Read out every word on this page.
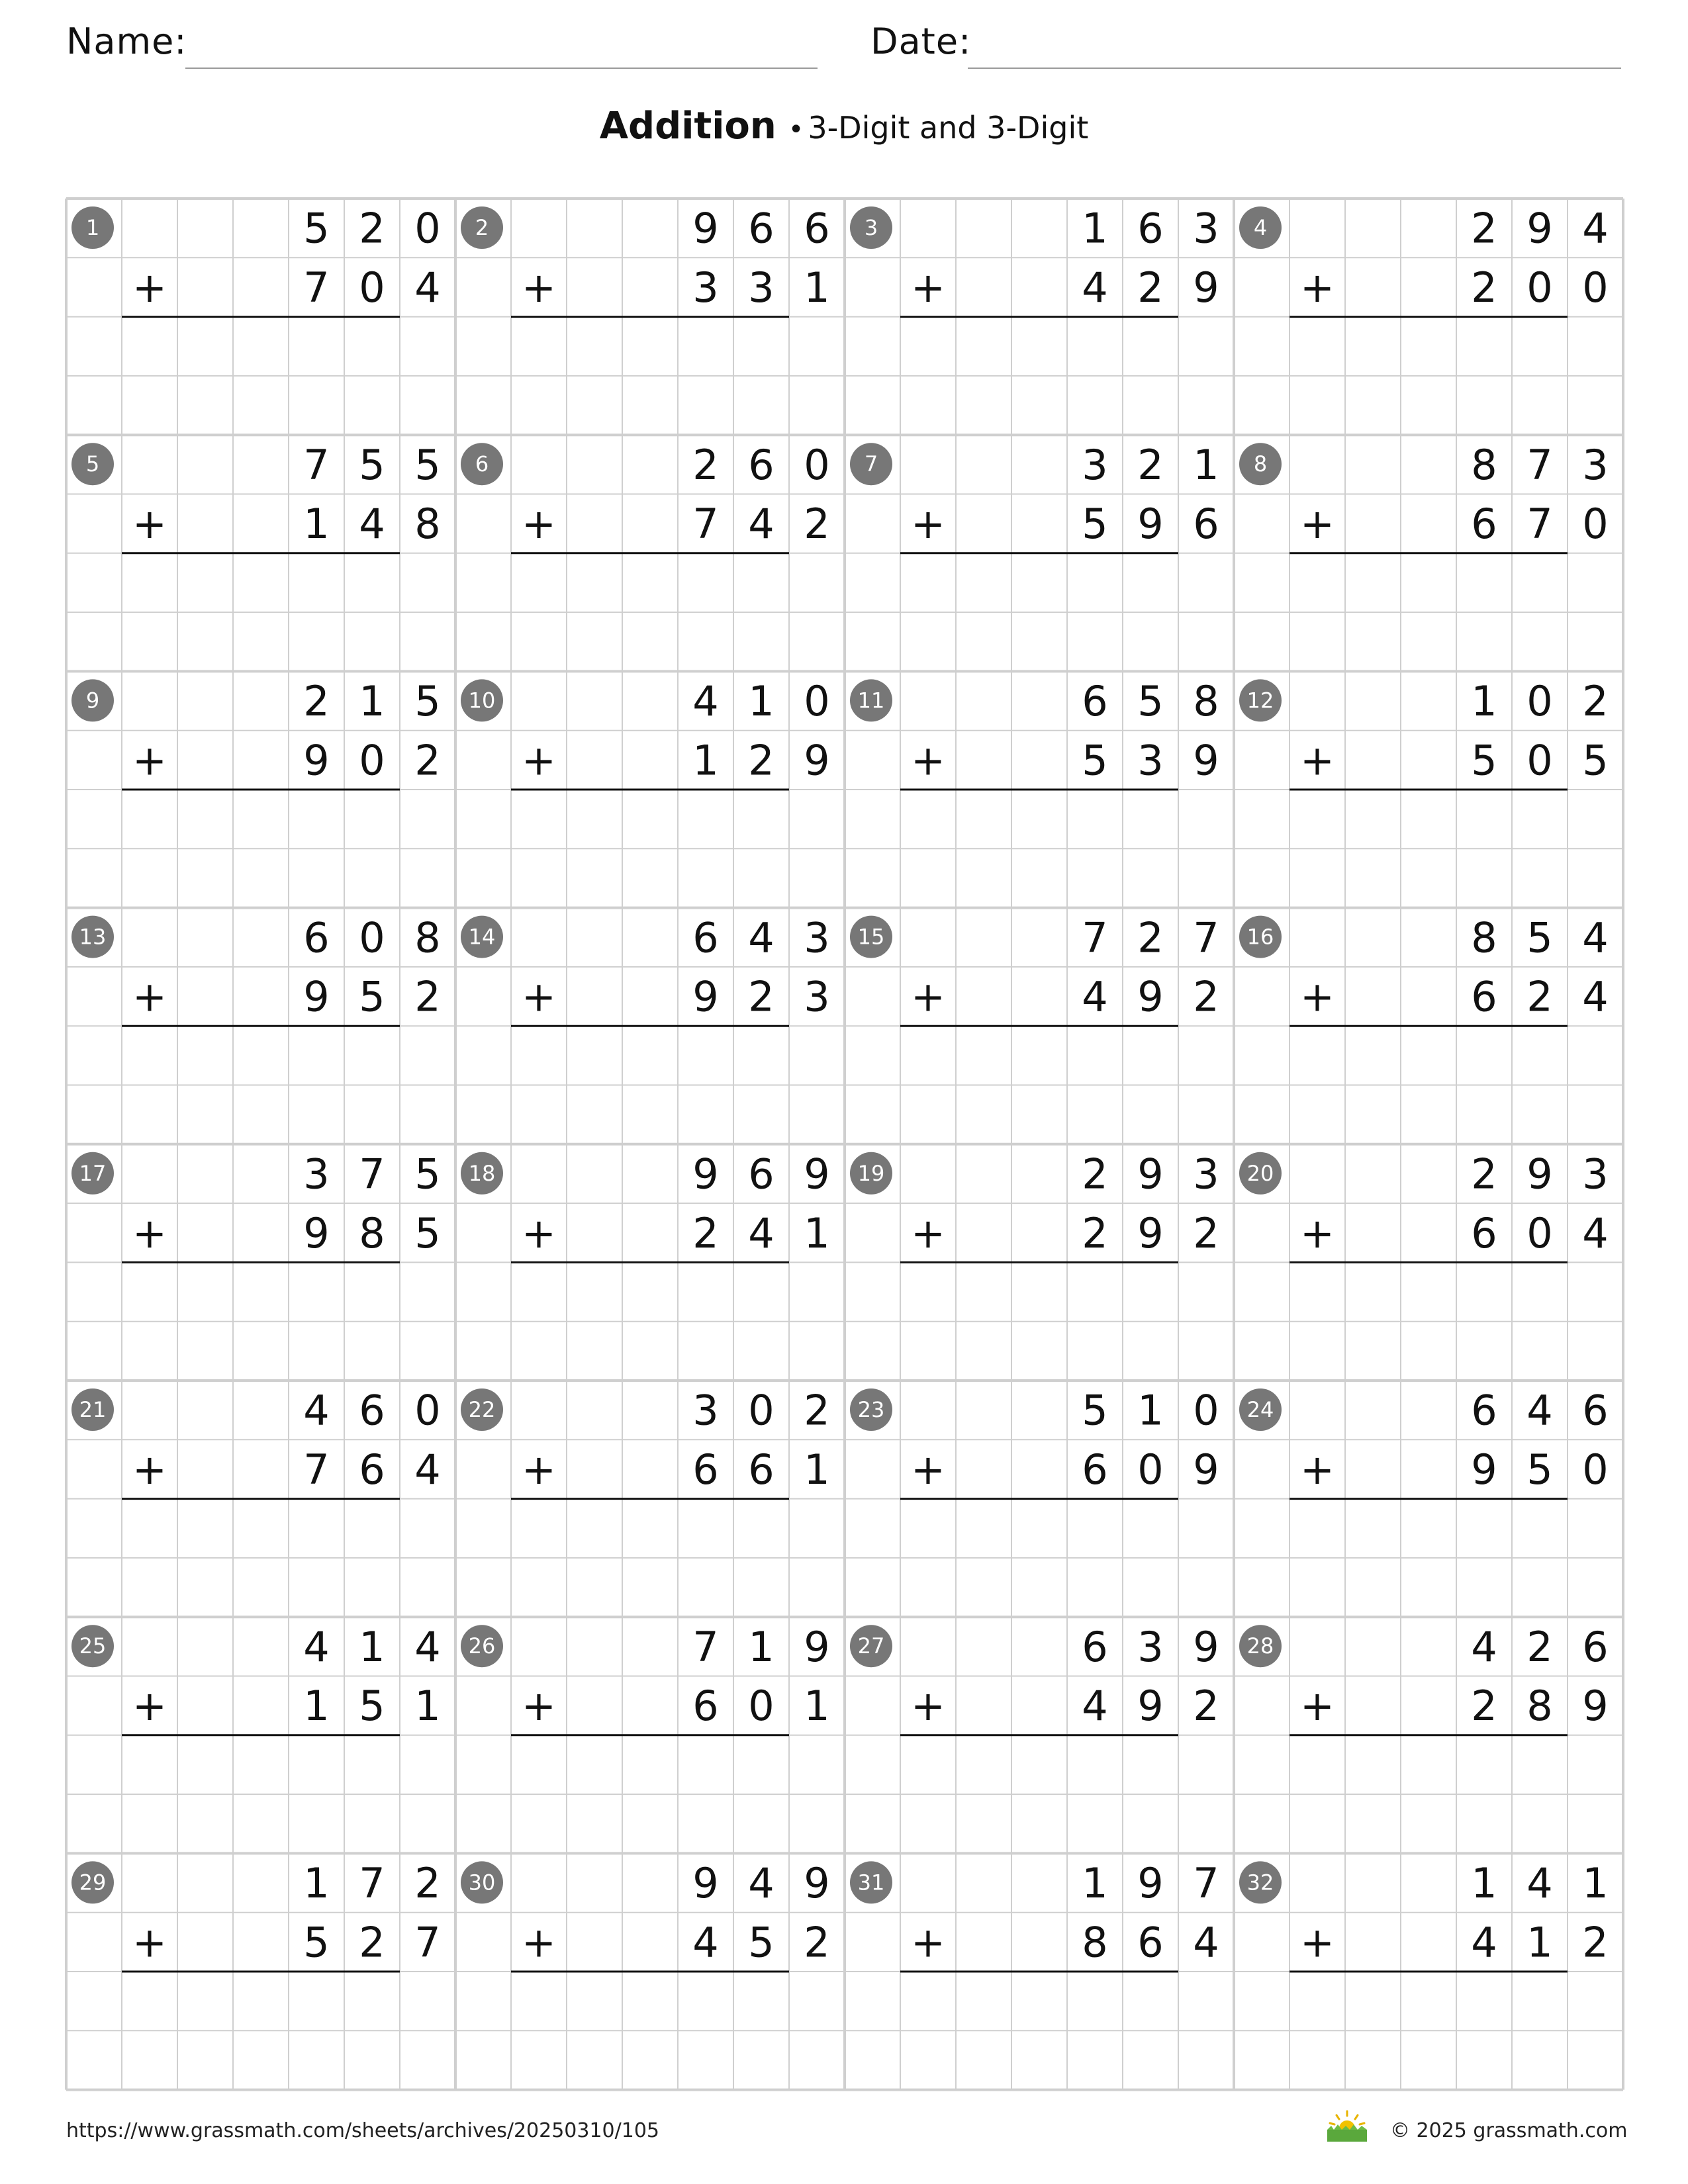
Name:	Date:
Addition • 3-Digit and 3-Digit
1	5 2 0
+	7 0 4
2	9 6 6
+	3 3 1
3	1 6 3
+	4 2 9
4	2 9 4
+	2 0 0
5	7 5 5
+	1 4 8
6	2 6 0
+	7 4 2
7	3 2 1
+	5 9 6
8	8 7 3
+	6 7 0
9	2 1 5
+	9 0 2
10	4 1 0
+	1 2 9
11	6 5 8
+	5 3 9
12	1 0 2
+	5 0 5
13	6 0 8
+	9 5 2
14	6 4 3
+	9 2 3
15	7 2 7
+	4 9 2
16	8 5 4
+	6 2 4
17	3 7 5
+	9 8 5
18	9 6 9
+	2 4 1
19	2 9 3
+	2 9 2
20	2 9 3
+	6 0 4
21	4 6 0
+	7 6 4
22	3 0 2
+	6 6 1
23	5 1 0
+	6 0 9
24	6 4 6
+	9 5 0
25	4 1 4
+	1 5 1
26	7 1 9
+	6 0 1
27	6 3 9
+	4 9 2
28	4 2 6
+	2 8 9
29	1 7 2
+	5 2 7
30	9 4 9
+	4 5 2
31	1 9 7
+	8 6 4
32	1 4 1
+	4 1 2
https://www.grassmath.com/sheets/archives/20250310/105	© 2025 grassmath.com
